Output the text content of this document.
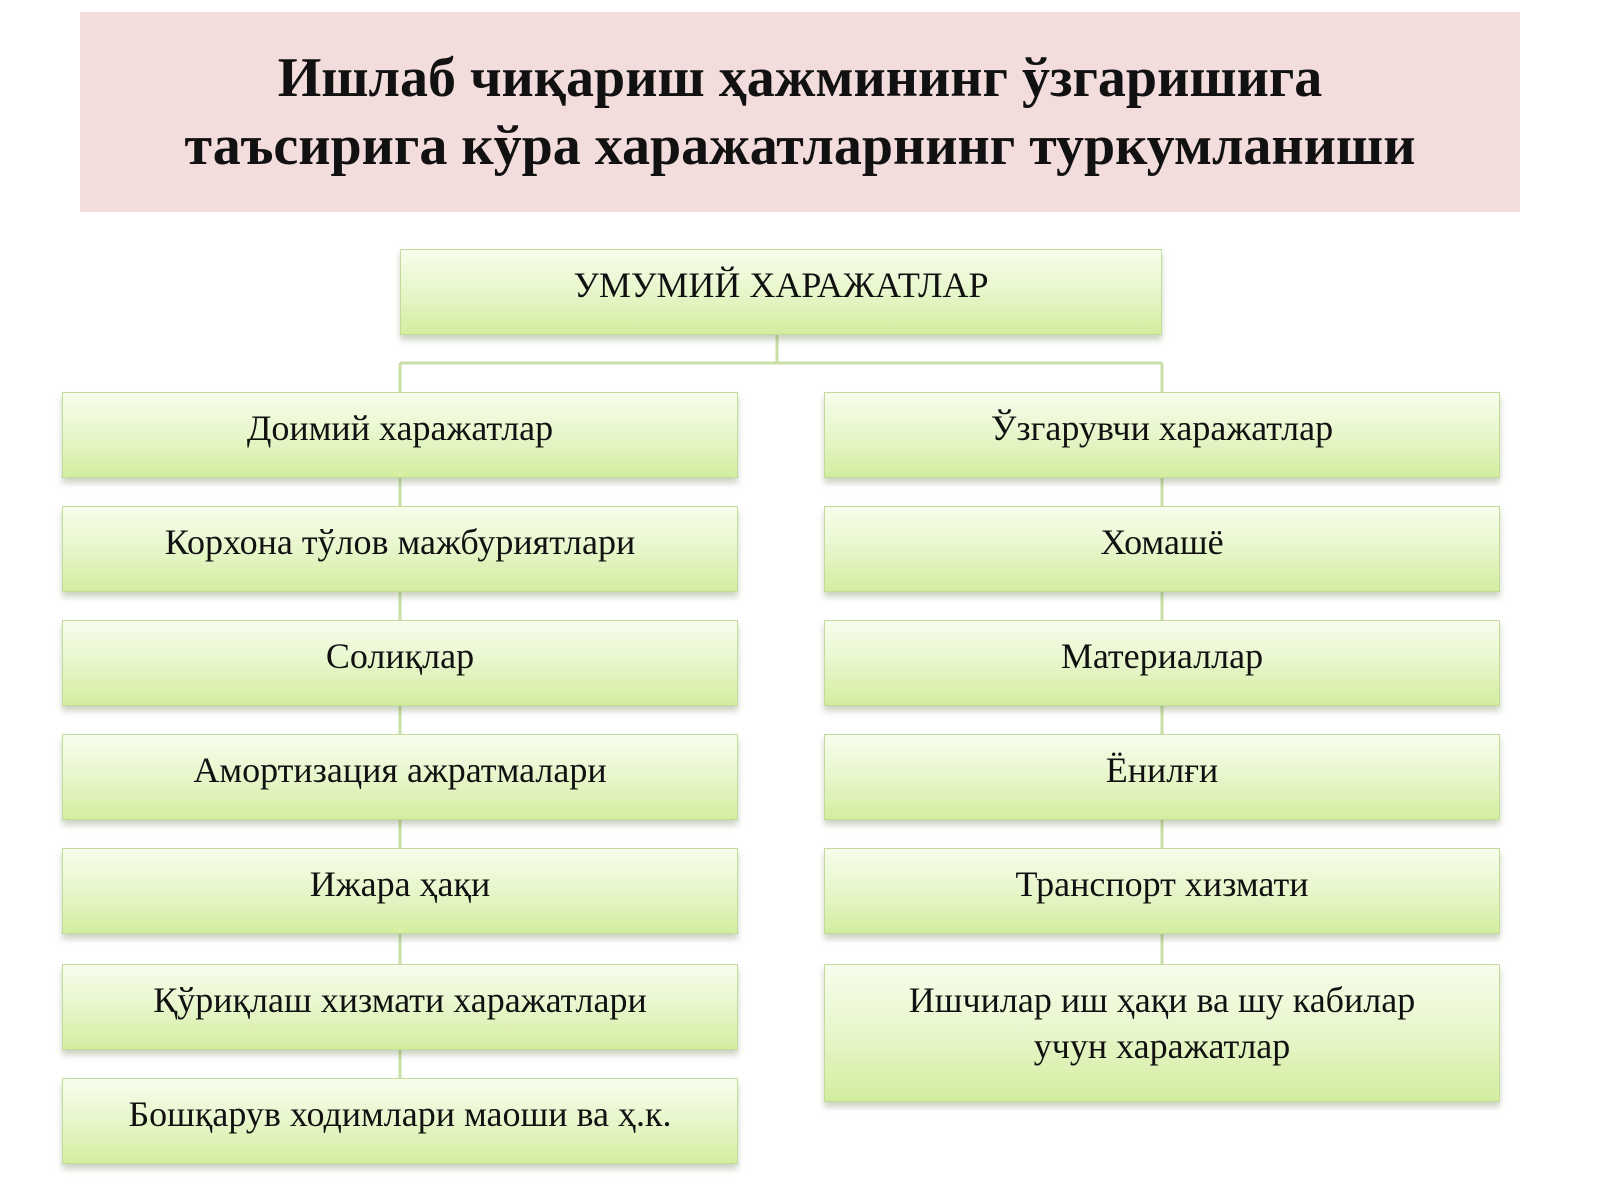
Ишлаб чиқариш ҳажмининг ўзгаришига
таъсирига кўра харажатларнинг туркумланиши
УМУМИЙ ХАРАЖАТЛАР
Доимий харажатлар
Корхона тўлов мажбуриятлари
Солиқлар
Амортизация ажратмалари
Ижара ҳақи
Қўриқлаш хизмати харажатлари
Бошқарув ходимлари маоши ва ҳ.к.
Ўзгарувчи харажатлар
Хомашё
Материаллар
Ёнилғи
Транспорт хизмати
Ишчилар иш ҳақи ва шу кабилар
учун харажатлар
